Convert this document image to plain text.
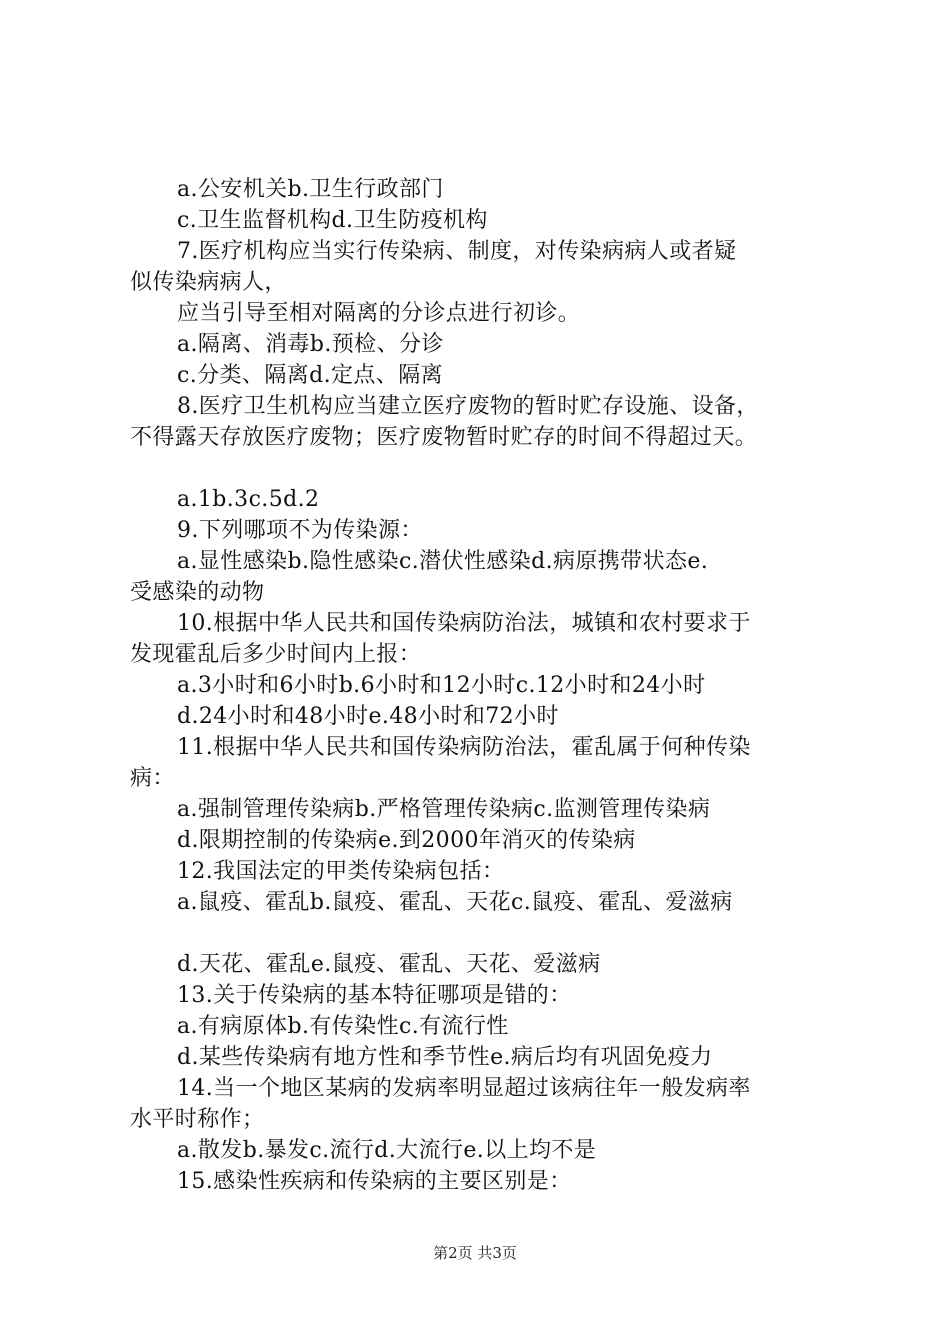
a.公安机关b.卫生行政部门
c.卫生监督机构d.卫生防疫机构
7.医疗机构应当实行传染病、制度，对传染病病人或者疑
似传染病病人，
应当引导至相对隔离的分诊点进行初诊。
a.隔离、消毒b.预检、分诊
c.分类、隔离d.定点、隔离
8.医疗卫生机构应当建立医疗废物的暂时贮存设施、设备，
不得露天存放医疗废物；医疗废物暂时贮存的时间不得超过天。
a.1b.3c.5d.2
9.下列哪项不为传染源：
a.显性感染b.隐性感染c.潜伏性感染d.病原携带状态e.
受感染的动物
10.根据中华人民共和国传染病防治法，城镇和农村要求于
发现霍乱后多少时间内上报：
a.3小时和6小时b.6小时和12小时c.12小时和24小时
d.24小时和48小时e.48小时和72小时
11.根据中华人民共和国传染病防治法，霍乱属于何种传染
病：
a.强制管理传染病b.严格管理传染病c.监测管理传染病
d.限期控制的传染病e.到2000年消灭的传染病
12.我国法定的甲类传染病包括：
a.鼠疫、霍乱b.鼠疫、霍乱、天花c.鼠疫、霍乱、爱滋病
d.天花、霍乱e.鼠疫、霍乱、天花、爱滋病
13.关于传染病的基本特征哪项是错的：
a.有病原体b.有传染性c.有流行性
d.某些传染病有地方性和季节性e.病后均有巩固免疫力
14.当一个地区某病的发病率明显超过该病往年一般发病率
水平时称作；
a.散发b.暴发c.流行d.大流行e.以上均不是
15.感染性疾病和传染病的主要区别是：
第2页 共3页
